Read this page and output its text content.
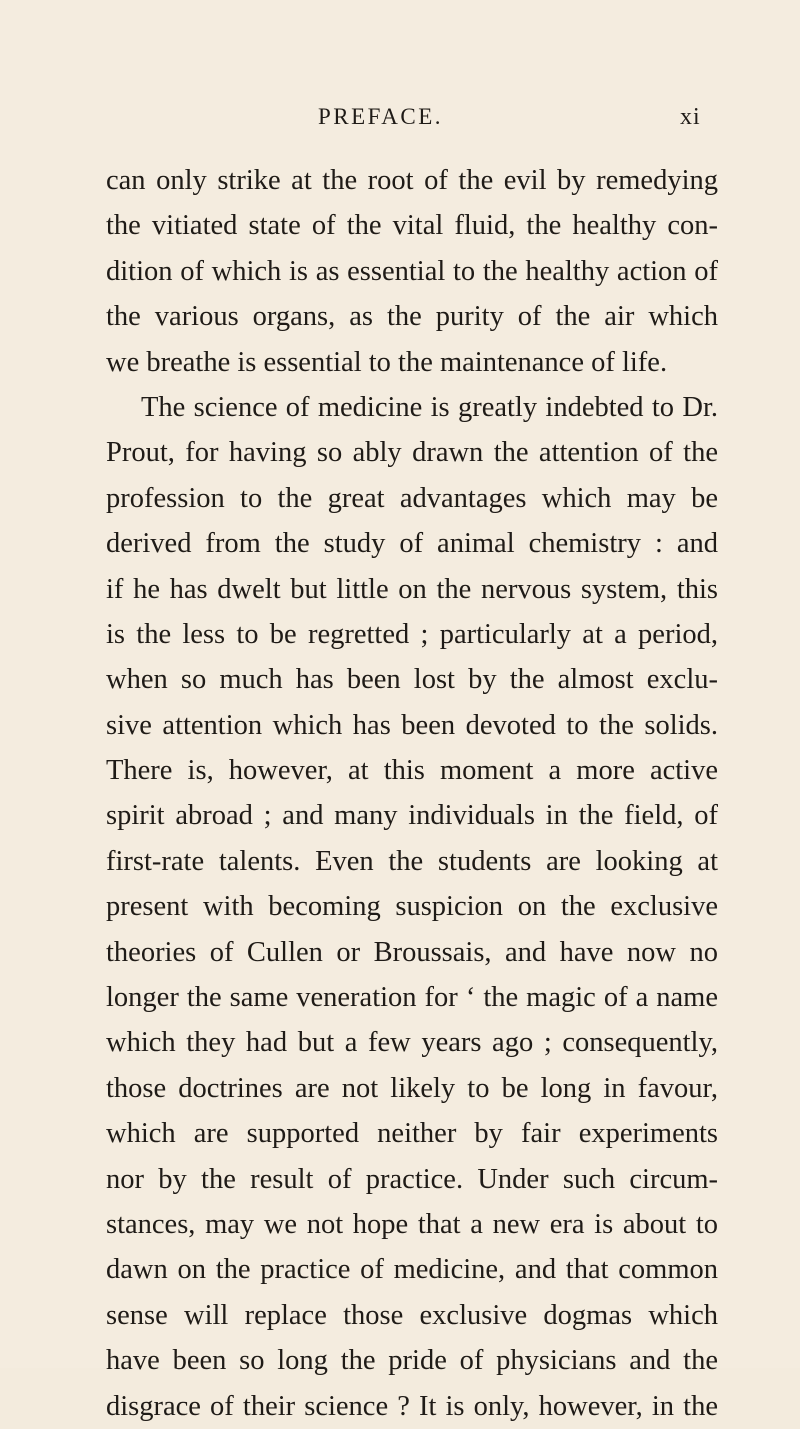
PREFACE.	xi
can only strike at the root of the evil by remedying
the vitiated state of the vital fluid, the healthy con-
dition of which is as essential to the healthy action of
the various organs, as the purity of the air which
we breathe is essential to the maintenance of life.
The science of medicine is greatly indebted to Dr.
Prout, for having so ably drawn the attention of the
profession to the great advantages which may be
derived from the study of animal chemistry : and
if he has dwelt but little on the nervous system, this
is the less to be regretted ; particularly at a period,
when so much has been lost by the almost exclu-
sive attention which has been devoted to the solids.
There is, however, at this moment a more active
spirit abroad ; and many individuals in the field, of
first-rate talents. Even the students are looking at
present with becoming suspicion on the exclusive
theories of Cullen or Broussais, and have now no
longer the same veneration for ‘ the magic of a name
which they had but a few years ago ; consequently,
those doctrines are not likely to be long in favour,
which are supported neither by fair experiments
nor by the result of practice. Under such circum-
stances, may we not hope that a new era is about to
dawn on the practice of medicine, and that common
sense will replace those exclusive dogmas which
have been so long the pride of physicians and the
disgrace of their science ? It is only, however, in the
